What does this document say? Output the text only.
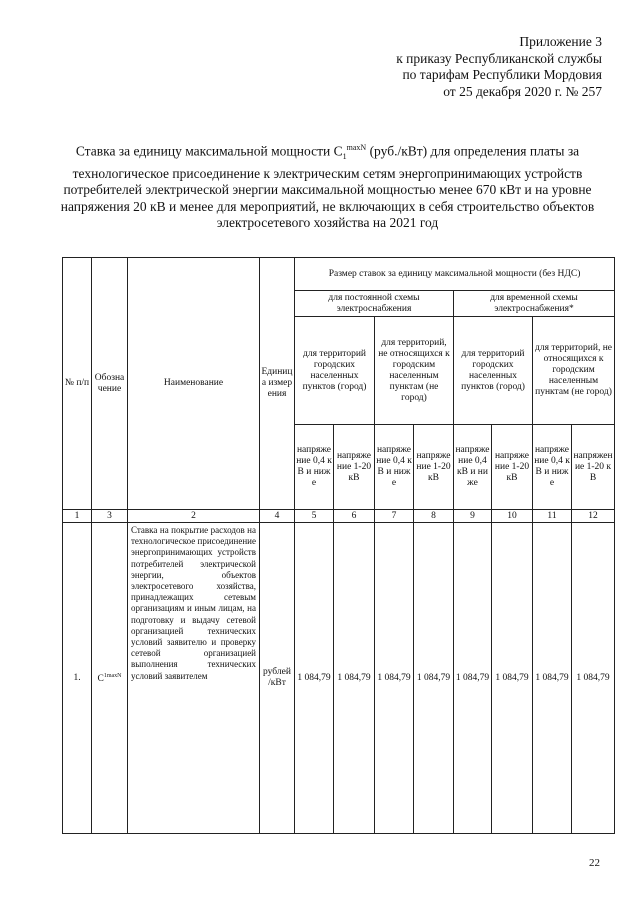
Приложение 3
к приказу Республиканской службы
по тарифам Республики Мордовия
от 25 декабря 2020 г. № 257
Ставка за единицу максимальной мощности $С_1^{maxN}$ (руб./кВт) для определения платы за технологическое присоединение к электрическим сетям энергопринимающих устройств потребителей электрической энергии максимальной мощностью менее 670 кВт и на уровне напряжения 20 кВ и менее для мероприятий, не включающих в себя строительство объектов электросетевого хозяйства на 2021 год
№ п/п	Обозначение	Наименование	Единица измерения	Размер ставок за единицу максимальной мощности (без НДС)							
				для постоянной схемы электроснабжения				для временной схемы электроснабжения*			
				для территорий городских населенных пунктов (город)		для территорий, не относящихся к городским населенным пунктам (не город)		для территорий городских населенных пунктов (город)		для территорий, не относящихся к городским населенным пунктам (не город)	
				напряжение 0,4 кВ и ниже	напряжение 1-20 кВ	напряжение 0,4 кВ и ниже	напряжение 1-20 кВ	напряжение 0,4 кВ и ниже	напряжение 1-20 кВ	напряжение 0,4 кВ и ниже	напряжение 1-20 кВ
1	3	2	4	5	6	7	8	9	10	11	12
1.	$С^{1maxN}$	Ставка на покрытие расходов на технологическое присоединение энергопринимающих устройств потребителей электрической энергии, объектов электросетевого хозяйства, принадлежащих сетевым организациям и иным лицам, на подготовку и выдачу сетевой организацией технических условий заявителю и проверку сетевой организацией выполнения технических условий заявителем	рублей /кВт	1 084,79	1 084,79	1 084,79	1 084,79	1 084,79	1 084,79	1 084,79	1 084,79
22
